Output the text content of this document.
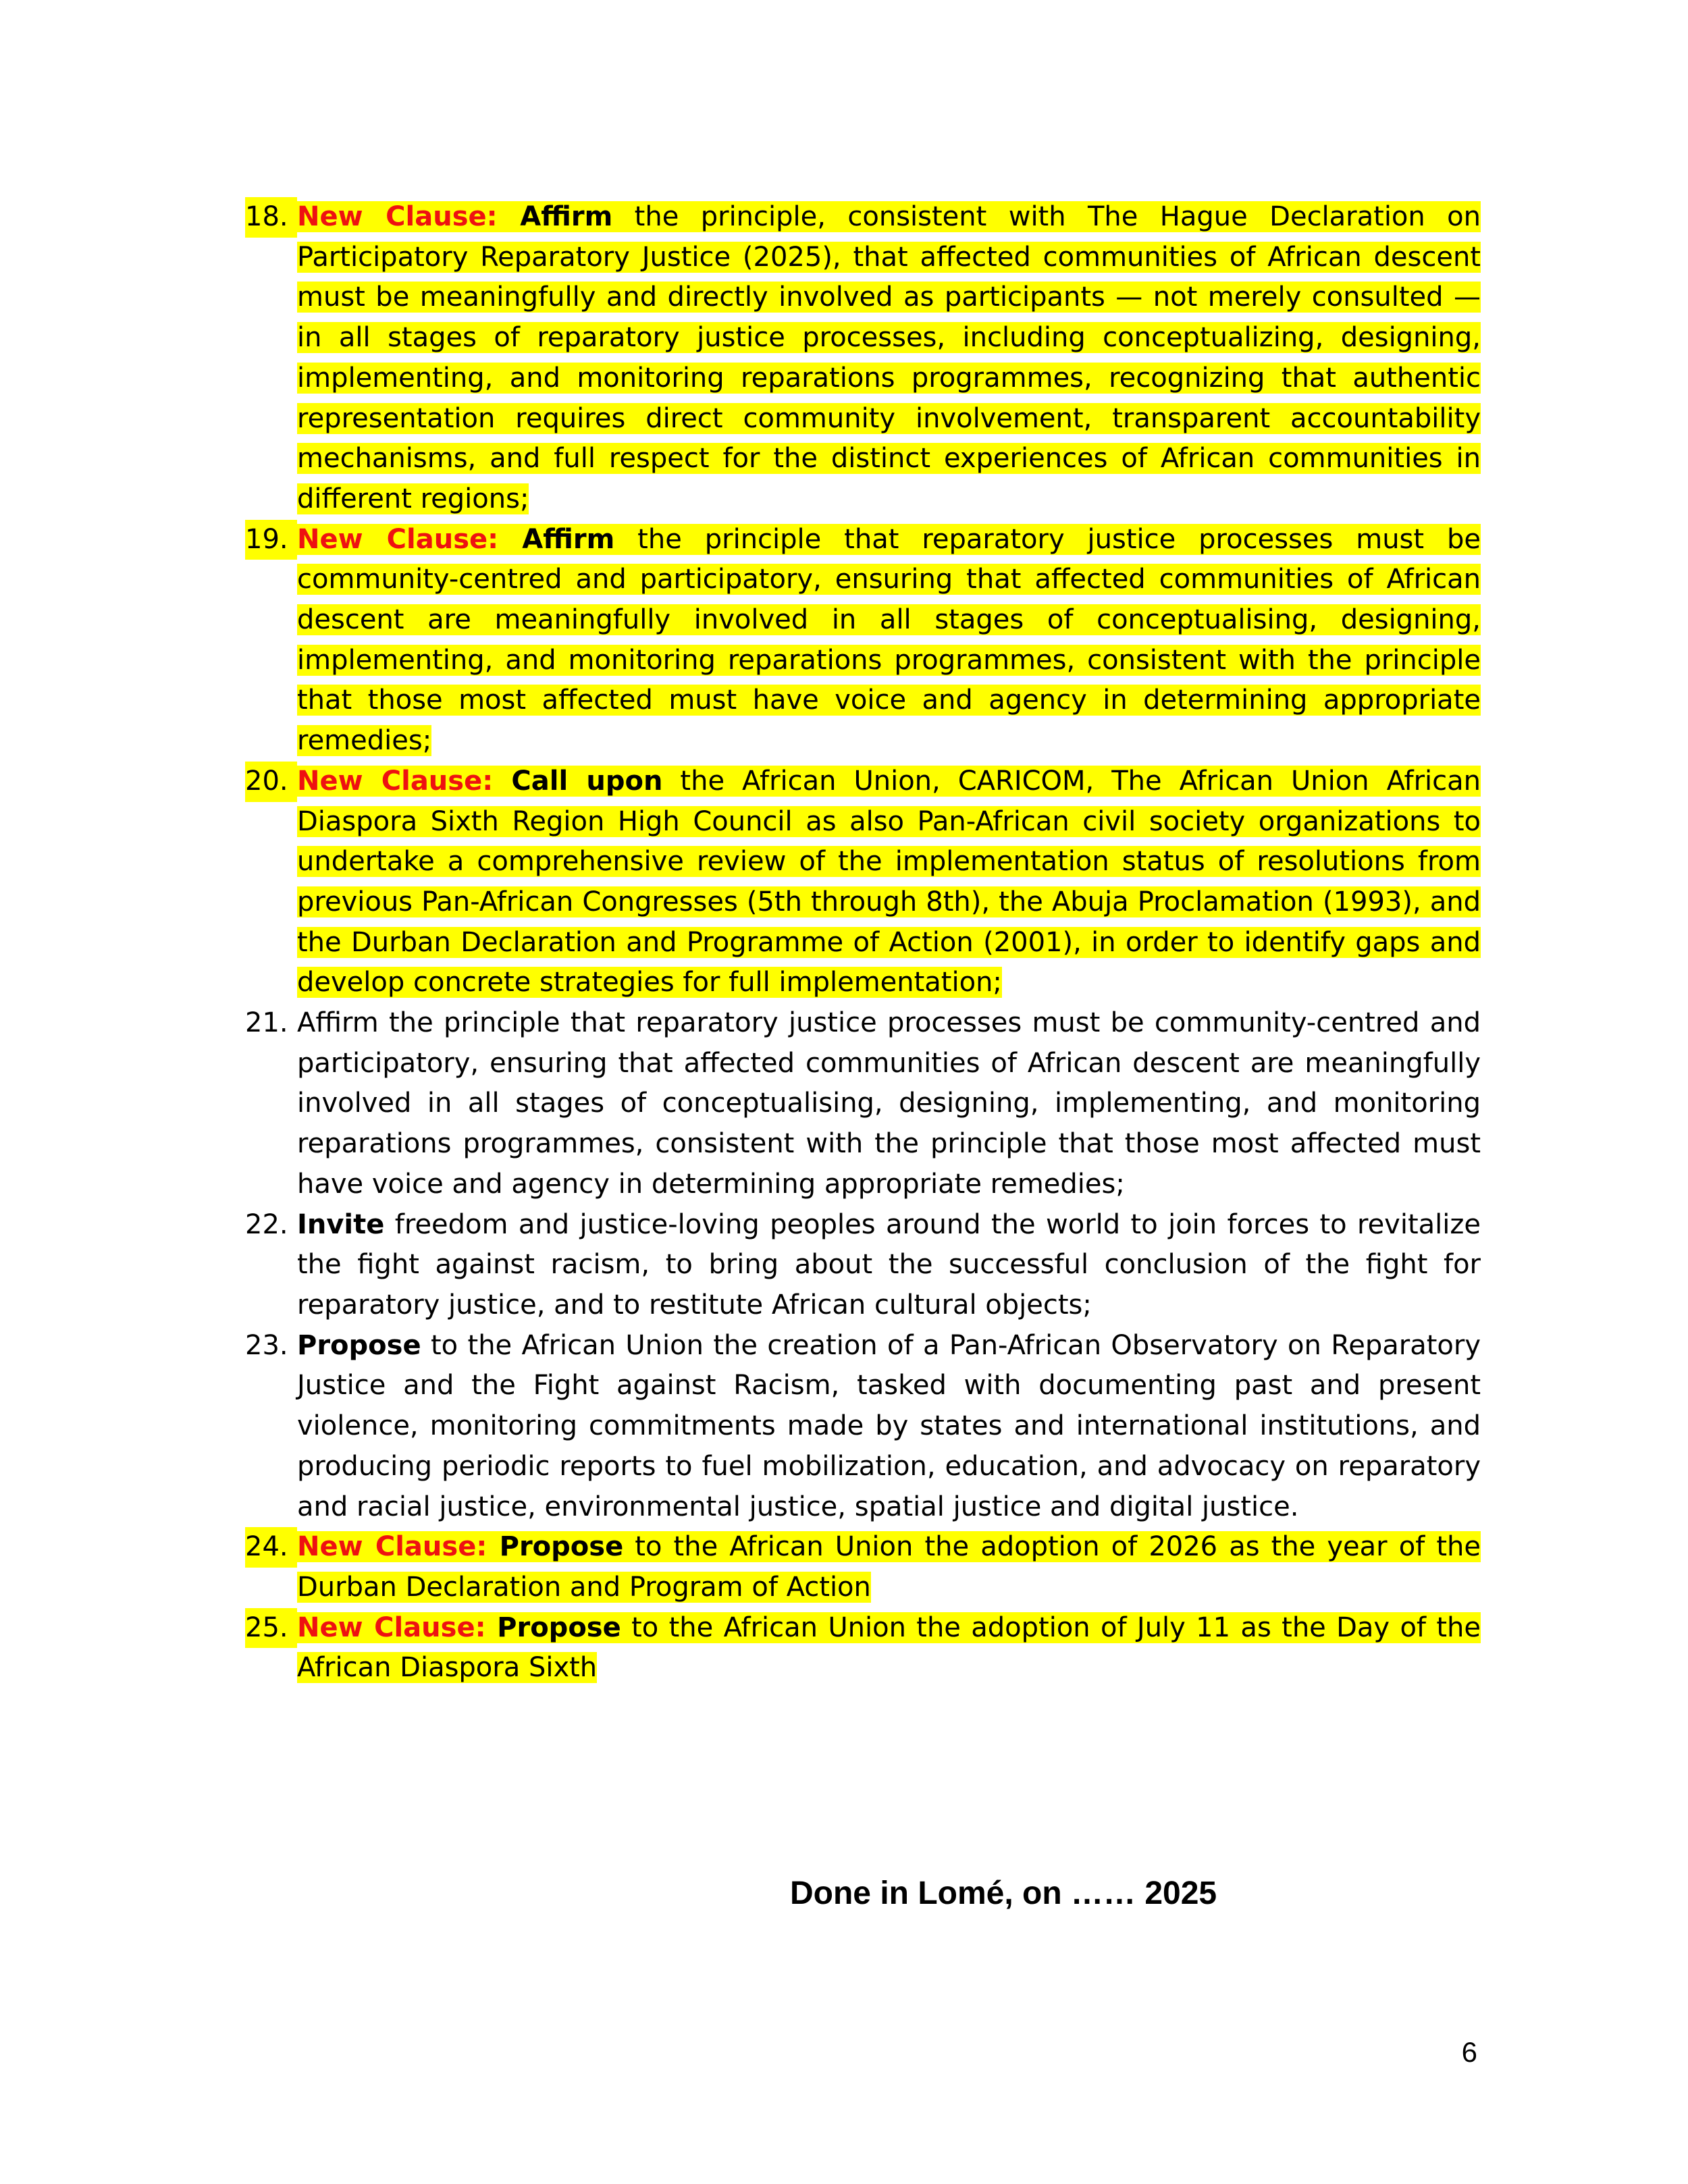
18. New Clause: Affirm the principle, consistent with The Hague Declaration on Participatory Reparatory Justice (2025), that affected communities of African descent must be meaningfully and directly involved as participants — not merely consulted — in all stages of reparatory justice processes, including conceptualizing, designing, implementing, and monitoring reparations programmes, recognizing that authentic representation requires direct community involvement, transparent accountability mechanisms, and full respect for the distinct experiences of African communities in different regions;
19. New Clause: Affirm the principle that reparatory justice processes must be community-centred and participatory, ensuring that affected communities of African descent are meaningfully involved in all stages of conceptualising, designing, implementing, and monitoring reparations programmes, consistent with the principle that those most affected must have voice and agency in determining appropriate remedies;
20. New Clause: Call upon the African Union, CARICOM, The African Union African Diaspora Sixth Region High Council as also Pan-African civil society organizations to undertake a comprehensive review of the implementation status of resolutions from previous Pan-African Congresses (5th through 8th), the Abuja Proclamation (1993), and the Durban Declaration and Programme of Action (2001), in order to identify gaps and develop concrete strategies for full implementation;
21. Affirm the principle that reparatory justice processes must be community-centred and participatory, ensuring that affected communities of African descent are meaningfully involved in all stages of conceptualising, designing, implementing, and monitoring reparations programmes, consistent with the principle that those most affected must have voice and agency in determining appropriate remedies;
22. Invite freedom and justice-loving peoples around the world to join forces to revitalize the fight against racism, to bring about the successful conclusion of the fight for reparatory justice, and to restitute African cultural objects;
23. Propose to the African Union the creation of a Pan-African Observatory on Reparatory Justice and the Fight against Racism, tasked with documenting past and present violence, monitoring commitments made by states and international institutions, and producing periodic reports to fuel mobilization, education, and advocacy on reparatory and racial justice, environmental justice, spatial justice and digital justice.
24. New Clause: Propose to the African Union the adoption of 2026 as the year of the Durban Declaration and Program of Action
25. New Clause: Propose to the African Union the adoption of July 11 as the Day of the African Diaspora Sixth
Done in Lomé, on …… 2025
6
